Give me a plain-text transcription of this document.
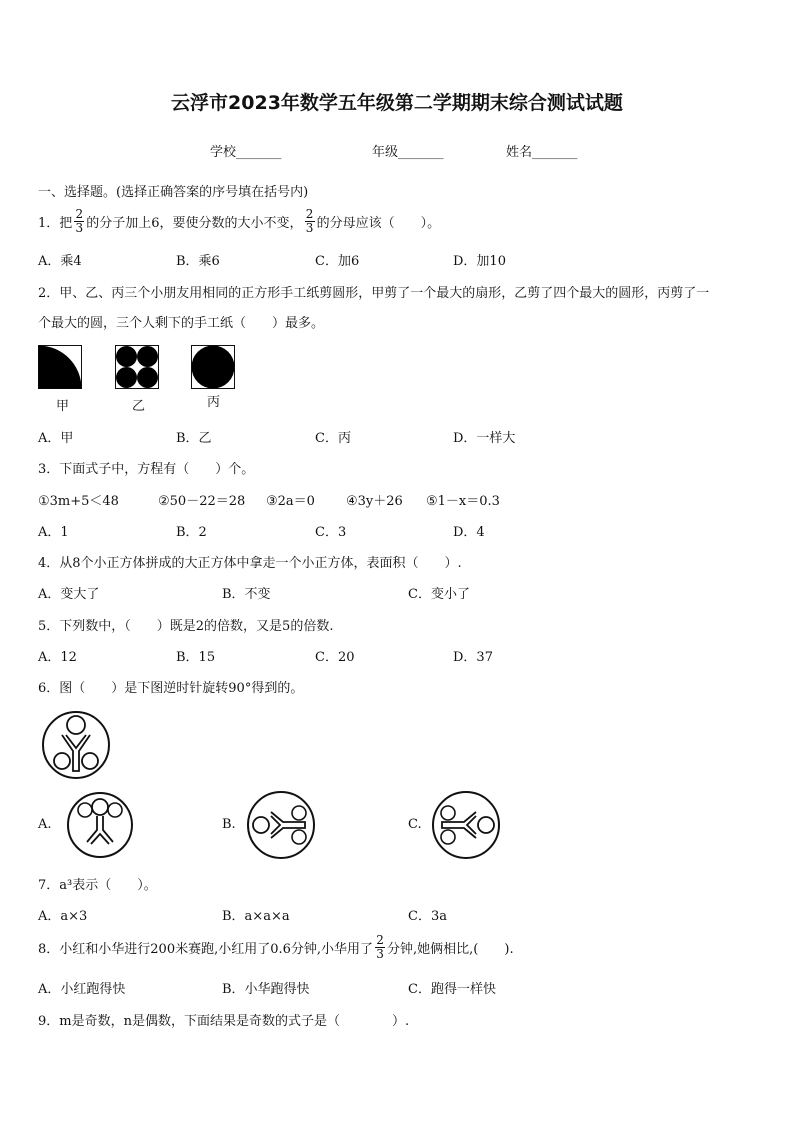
云浮市2023年数学五年级第二学期期末综合测试试题
学校_______	年级_______	姓名_______
一、选择题。(选择正确答案的序号填在括号内)
1．把 $\frac{2}{3}$ 的分子加上6，要使分数的大小不变， $\frac{2}{3}$ 的分母应该（　　）。
A．乘4	B．乘6	C．加6	D．加10
2．甲、乙、丙三个小朋友用相同的正方形手工纸剪圆形，甲剪了一个最大的扇形，乙剪了四个最大的圆形，丙剪了一
个最大的圆，三个人剩下的手工纸（　　）最多。
甲	乙	丙
A．甲	B．乙	C．丙	D．一样大
3．下面式子中，方程有（　　）个。
①3m+5＜48	②50－22＝28 ③2a＝0 ④3y＋26 ⑤1－x＝0.3
A．1	B．2	C．3	D．4
4．从8个小正方体拼成的大正方体中拿走一个小正方体，表面积（　　）.
A．变大了	B．不变	C．变小了
5．下列数中，（　　）既是2的倍数，又是5的倍数.
A．12	B．15	C．20	D．37
6．图（　　）是下图逆时针旋转90°得到的。
A.	B.	C.
7．a³表示（　　）。
A．a×3	B．a×a×a	C．3a
8．小红和小华进行200米赛跑,小红用了0.6分钟,小华用了 $\frac{2}{3}$ 分钟,她俩相比,(　　).
A．小红跑得快	B．小华跑得快	C．跑得一样快
9．m是奇数，n是偶数，下面结果是奇数的式子是（　　　　）.
